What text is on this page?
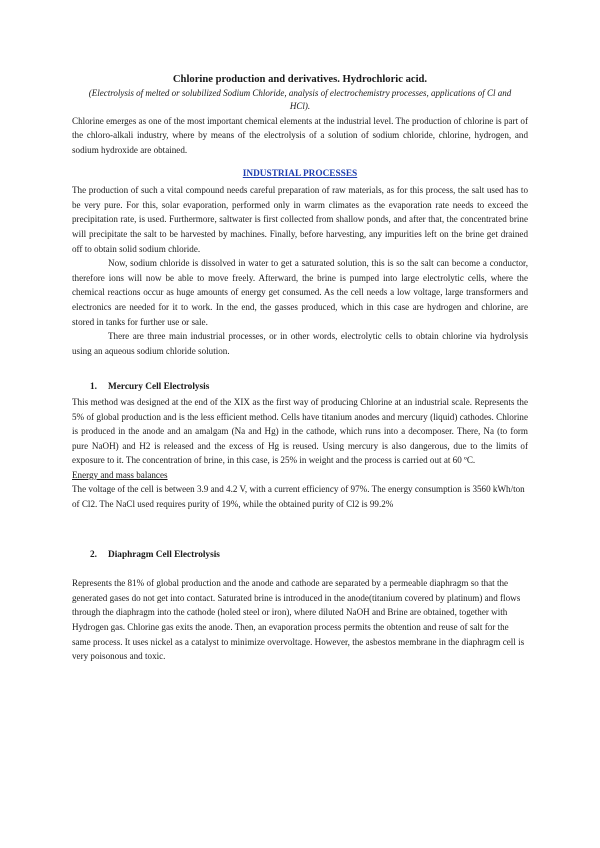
Chlorine production and derivatives. Hydrochloric acid.

(Electrolysis of melted or solubilized Sodium Chloride, analysis of electrochemistry processes, applications of Cl and HCl).

Chlorine emerges as one of the most important chemical elements at the industrial level. The production of chlorine is part of the chloro-alkali industry, where by means of the electrolysis of a solution of sodium chloride, chlorine, hydrogen, and sodium hydroxide are obtained.

INDUSTRIAL PROCESSES

The production of such a vital compound needs careful preparation of raw materials, as for this process, the salt used has to be very pure. For this, solar evaporation, performed only in warm climates as the evaporation rate needs to exceed the precipitation rate, is used. Furthermore, saltwater is first collected from shallow ponds, and after that, the concentrated brine will precipitate the salt to be harvested by machines. Finally, before harvesting, any impurities left on the brine get drained off to obtain solid sodium chloride.

Now, sodium chloride is dissolved in water to get a saturated solution, this is so the salt can become a conductor, therefore ions will now be able to move freely. Afterward, the brine is pumped into large electrolytic cells, where the chemical reactions occur as huge amounts of energy get consumed. As the cell needs a low voltage, large transformers and electronics are needed for it to work. In the end, the gasses produced, which in this case are hydrogen and chlorine, are stored in tanks for further use or sale.

There are three main industrial processes, or in other words, electrolytic cells to obtain chlorine via hydrolysis using an aqueous sodium chloride solution.

1. Mercury Cell Electrolysis

This method was designed at the end of the XIX as the first way of producing Chlorine at an industrial scale. Represents the 5% of global production and is the less efficient method. Cells have titanium anodes and mercury (liquid) cathodes. Chlorine is produced in the anode and an amalgam (Na and Hg) in the cathode, which runs into a decomposer. There, Na (to form pure NaOH) and H2 is released and the excess of Hg is reused. Using mercury is also dangerous, due to the limits of exposure to it. The concentration of brine, in this case, is 25% in weight and the process is carried out at 60 ºC.

Energy and mass balances

The voltage of the cell is between 3.9 and 4.2 V, with a current efficiency of 97%. The energy consumption is 3560 kWh/ton of Cl2. The NaCl used requires purity of 19%, while the obtained purity of Cl2 is 99.2%

2. Diaphragm Cell Electrolysis

Represents the 81% of global production and the anode and cathode are separated by a permeable diaphragm so that the generated gases do not get into contact. Saturated brine is introduced in the anode(titanium covered by platinum) and flows through the diaphragm into the cathode (holed steel or iron), where diluted NaOH and Brine are obtained, together with Hydrogen gas. Chlorine gas exits the anode. Then, an evaporation process permits the obtention and reuse of salt for the same process. It uses nickel as a catalyst to minimize overvoltage. However, the asbestos membrane in the diaphragm cell is very poisonous and toxic.
